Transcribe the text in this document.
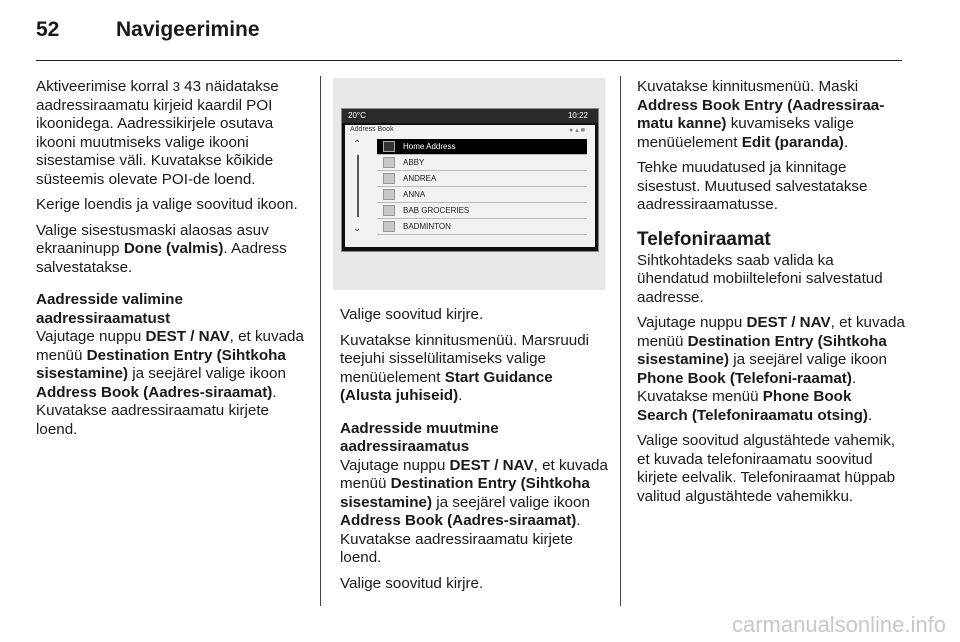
52	Navigeerimine

Aktiveerimise korral 3 43 näidatakse aadressiraamatu kirjeid kaardil POI ikoonidega. Aadressikirjele osutava ikooni muutmiseks valige ikooni sisestamise väli. Kuvatakse kõikide süsteemis olevate POI-de loend.

Kerige loendis ja valige soovitud ikoon.

Valige sisestusmaski alaosas asuv ekraaninupp Done (valmis). Aadress salvestatakse.

Aadresside valimine aadressiraamatust

Vajutage nuppu DEST / NAV, et kuvada menüü Destination Entry (Sihtkoha sisestamine) ja seejärel valige ikoon Address Book (Aadres-siraamat). Kuvatakse aadressiraamatu kirjete loend.

20°C	10:22
Address Book	●▴■
⌃
⌄
Home Address
ABBY
ANDREA
ANNA
BAB GROCERIES
BADMINTON

Valige soovitud kirjre.

Kuvatakse kinnitusmenüü. Marsruudi teejuhi sisselülitamiseks valige menüüelement Start Guidance (Alusta juhiseid).

Aadresside muutmine aadressiraamatus

Vajutage nuppu DEST / NAV, et kuvada menüü Destination Entry (Sihtkoha sisestamine) ja seejärel valige ikoon Address Book (Aadres-siraamat). Kuvatakse aadressiraamatu kirjete loend.

Valige soovitud kirjre.

Kuvatakse kinnitusmenüü. Maski Address Book Entry (Aadressiraa-matu kanne) kuvamiseks valige menüüelement Edit (paranda).

Tehke muudatused ja kinnitage sisestust. Muutused salvestatakse aadressiraamatusse.

Telefoniraamat

Sihtkohtadeks saab valida ka ühendatud mobiiltelefoni salvestatud aadresse.

Vajutage nuppu DEST / NAV, et kuvada menüü Destination Entry (Sihtkoha sisestamine) ja seejärel valige ikoon Phone Book (Telefoni-raamat). Kuvatakse menüü Phone Book Search (Telefoniraamatu otsing).

Valige soovitud algustähtede vahemik, et kuvada telefoniraamatu soovitud kirjete eelvalik. Telefoniraamat hüppab valitud algustähtede vahemikku.

carmanualsonline.info
